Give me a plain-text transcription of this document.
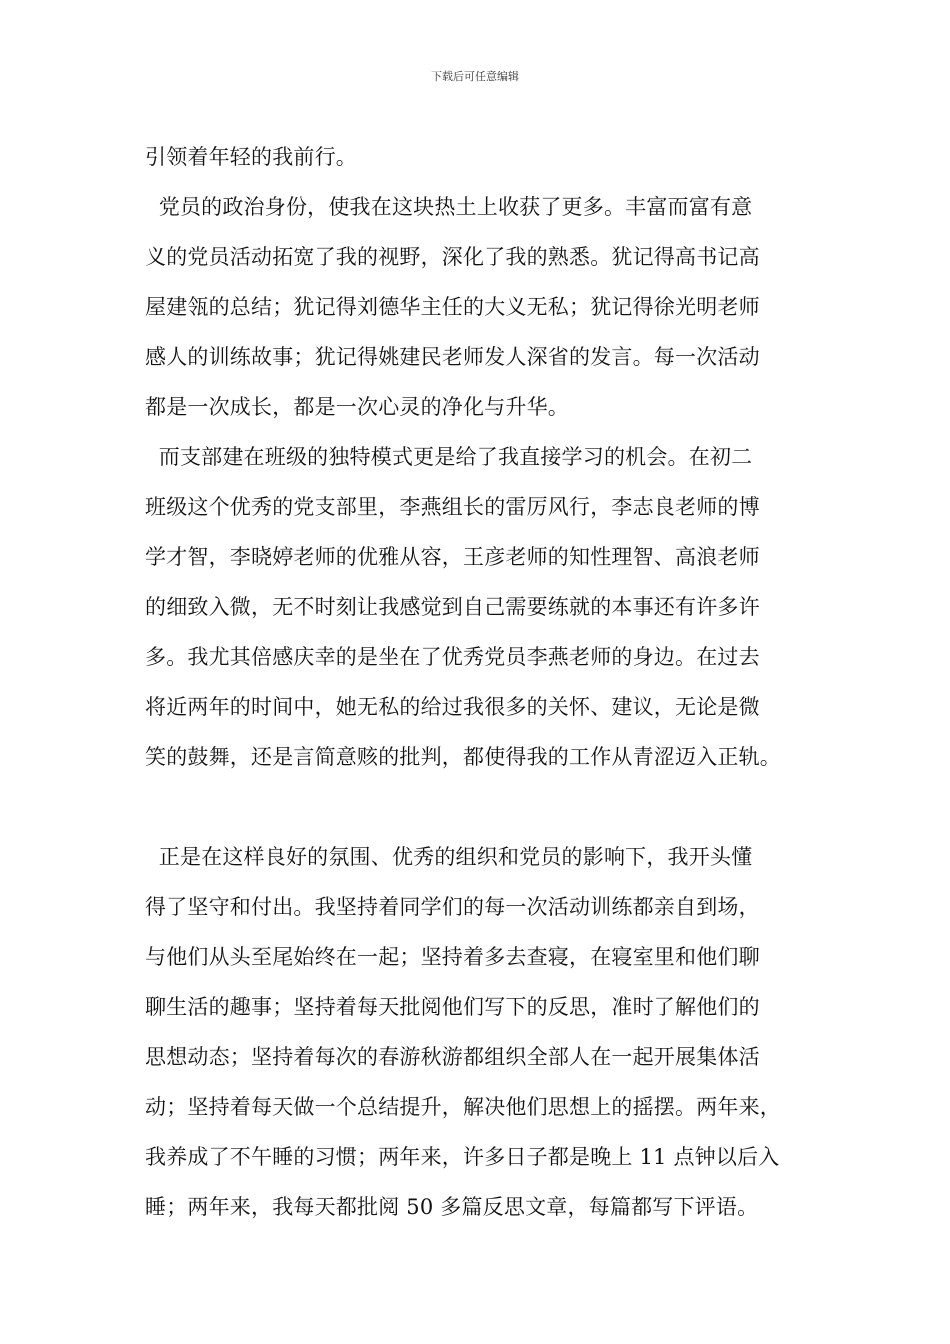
下载后可任意编辑
引领着年轻的我前行。
党员的政治身份，使我在这块热土上收获了更多。丰富而富有意
义的党员活动拓宽了我的视野，深化了我的熟悉。犹记得高书记高
屋建瓴的总结；犹记得刘德华主任的大义无私；犹记得徐光明老师
感人的训练故事；犹记得姚建民老师发人深省的发言。每一次活动
都是一次成长，都是一次心灵的净化与升华。
而支部建在班级的独特模式更是给了我直接学习的机会。在初二
班级这个优秀的党支部里，李燕组长的雷厉风行，李志良老师的博
学才智，李晓婷老师的优雅从容，王彦老师的知性理智、高浪老师
的细致入微，无不时刻让我感觉到自己需要练就的本事还有许多许
多。我尤其倍感庆幸的是坐在了优秀党员李燕老师的身边。在过去
将近两年的时间中，她无私的给过我很多的关怀、建议，无论是微
笑的鼓舞，还是言简意赅的批判，都使得我的工作从青涩迈入正轨。
正是在这样良好的氛围、优秀的组织和党员的影响下，我开头懂
得了坚守和付出。我坚持着同学们的每一次活动训练都亲自到场，
与他们从头至尾始终在一起；坚持着多去查寝，在寝室里和他们聊
聊生活的趣事；坚持着每天批阅他们写下的反思，准时了解他们的
思想动态；坚持着每次的春游秋游都组织全部人在一起开展集体活
动；坚持着每天做一个总结提升，解决他们思想上的摇摆。两年来，
我养成了不午睡的习惯；两年来，许多日子都是晚上 11 点钟以后入
睡；两年来，我每天都批阅 50 多篇反思文章，每篇都写下评语。
